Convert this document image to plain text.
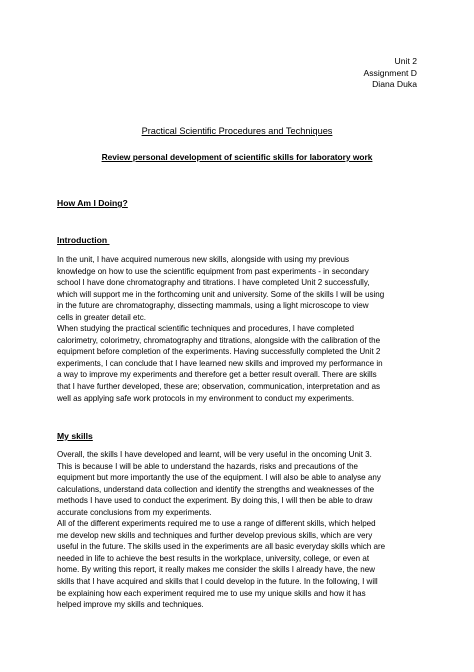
Unit 2
Assignment D
Diana Duka
Practical Scientific Procedures and Techniques
Review personal development of scientific skills for laboratory work
How Am I Doing?
Introduction
In the unit, I have acquired numerous new skills, alongside with using my previous
knowledge on how to use the scientific equipment from past experiments - in secondary
school I have done chromatography and titrations. I have completed Unit 2 successfully,
which will support me in the forthcoming unit and university. Some of the skills I will be using
in the future are chromatography, dissecting mammals, using a light microscope to view
cells in greater detail etc.
When studying the practical scientific techniques and procedures, I have completed
calorimetry, colorimetry, chromatography and titrations, alongside with the calibration of the
equipment before completion of the experiments. Having successfully completed the Unit 2
experiments, I can conclude that I have learned new skills and improved my performance in
a way to improve my experiments and therefore get a better result overall. There are skills
that I have further developed, these are; observation, communication, interpretation and as
well as applying safe work protocols in my environment to conduct my experiments.
My skills
Overall, the skills I have developed and learnt, will be very useful in the oncoming Unit 3.
This is because I will be able to understand the hazards, risks and precautions of the
equipment but more importantly the use of the equipment. I will also be able to analyse any
calculations, understand data collection and identify the strengths and weaknesses of the
methods I have used to conduct the experiment. By doing this, I will then be able to draw
accurate conclusions from my experiments.
All of the different experiments required me to use a range of different skills, which helped
me develop new skills and techniques and further develop previous skills, which are very
useful in the future. The skills used in the experiments are all basic everyday skills which are
needed in life to achieve the best results in the workplace, university, college, or even at
home. By writing this report, it really makes me consider the skills I already have, the new
skills that I have acquired and skills that I could develop in the future. In the following, I will
be explaining how each experiment required me to use my unique skills and how it has
helped improve my skills and techniques.
